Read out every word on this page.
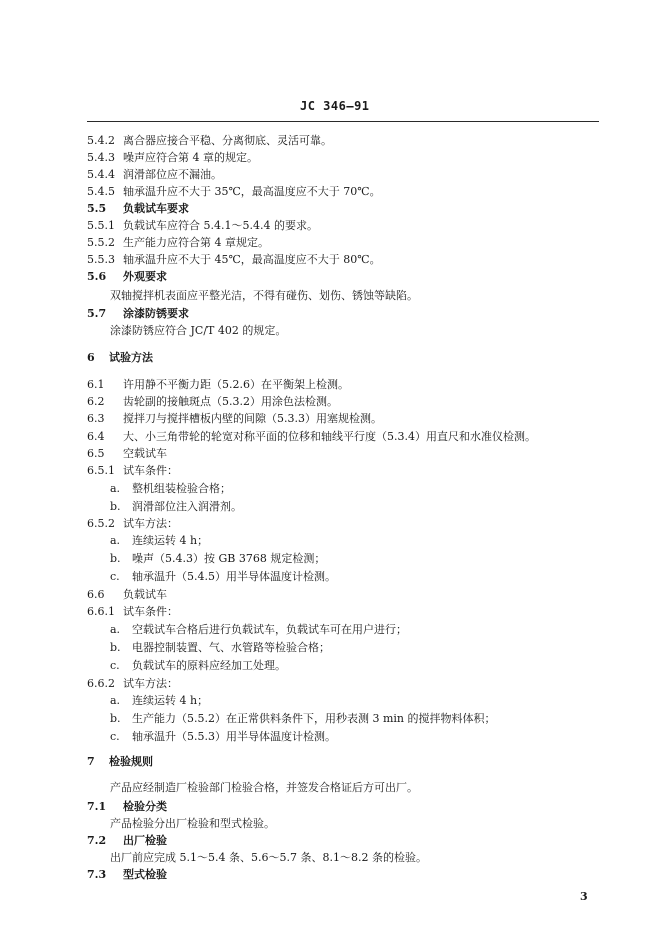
JC 346—91
5.4.2 离合器应接合平稳、分离彻底、灵活可靠。
5.4.3 噪声应符合第 4 章的规定。
5.4.4 润滑部位应不漏油。
5.4.5 轴承温升应不大于 35℃，最高温度应不大于 70℃。
5.5 负载试车要求
5.5.1 负载试车应符合 5.4.1～5.4.4 的要求。
5.5.2 生产能力应符合第 4 章规定。
5.5.3 轴承温升应不大于 45℃，最高温度应不大于 80℃。
5.6 外观要求
双轴搅拌机表面应平整光洁，不得有碰伤、划伤、锈蚀等缺陷。
5.7 涂漆防锈要求
涂漆防锈应符合 JC/T 402 的规定。
6 试验方法
6.1 许用静不平衡力距（5.2.6）在平衡架上检测。
6.2 齿轮副的接触斑点（5.3.2）用涂色法检测。
6.3 搅拌刀与搅拌槽板内壁的间隙（5.3.3）用塞规检测。
6.4 大、小三角带轮的轮宽对称平面的位移和轴线平行度（5.3.4）用直尺和水准仪检测。
6.5 空载试车
6.5.1 试车条件：
a. 整机组装检验合格；
b. 润滑部位注入润滑剂。
6.5.2 试车方法：
a. 连续运转 4 h；
b. 噪声（5.4.3）按 GB 3768 规定检测；
c. 轴承温升（5.4.5）用半导体温度计检测。
6.6 负载试车
6.6.1 试车条件：
a. 空载试车合格后进行负载试车，负载试车可在用户进行；
b. 电器控制装置、气、水管路等检验合格；
c. 负载试车的原料应经加工处理。
6.6.2 试车方法：
a. 连续运转 4 h；
b. 生产能力（5.5.2）在正常供料条件下，用秒表测 3 min 的搅拌物料体积；
c. 轴承温升（5.5.3）用半导体温度计检测。
7 检验规则
产品应经制造厂检验部门检验合格，并签发合格证后方可出厂。
7.1 检验分类
产品检验分出厂检验和型式检验。
7.2 出厂检验
出厂前应完成 5.1～5.4 条、5.6～5.7 条、8.1～8.2 条的检验。
7.3 型式检验
3
